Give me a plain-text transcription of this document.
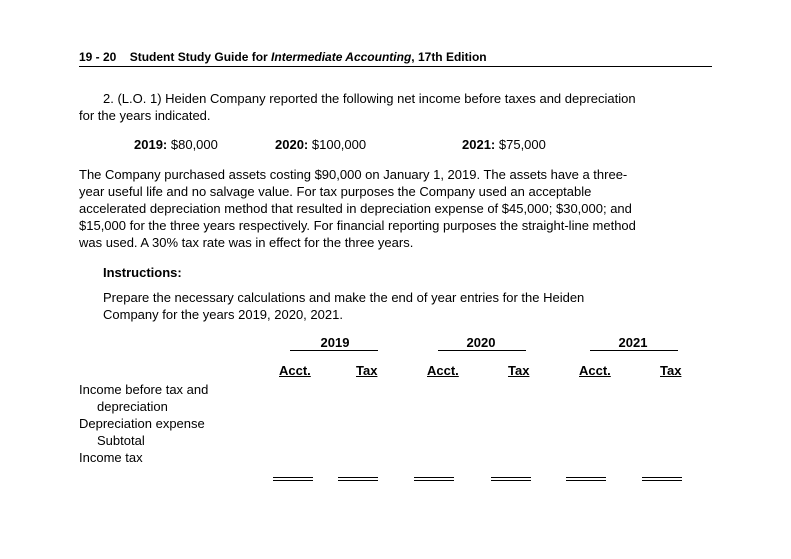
19 - 20 Student Study Guide for Intermediate Accounting, 17th Edition
2. (L.O. 1) Heiden Company reported the following net income before taxes and depreciation
for the years indicated.
2019: $80,000	2020: $100,000	2021: $75,000
The Company purchased assets costing $90,000 on January 1, 2019. The assets have a three-
year useful life and no salvage value. For tax purposes the Company used an acceptable
accelerated depreciation method that resulted in depreciation expense of $45,000; $30,000; and
$15,000 for the three years respectively. For financial reporting purposes the straight-line method
was used. A 30% tax rate was in effect for the three years.
Instructions:
Prepare the necessary calculations and make the end of year entries for the Heiden
Company for the years 2019, 2020, 2021.
2019	2020	2021
Acct.	Tax	Acct.	Tax	Acct.	Tax
Income before tax and
depreciation
Depreciation expense
Subtotal
Income tax
